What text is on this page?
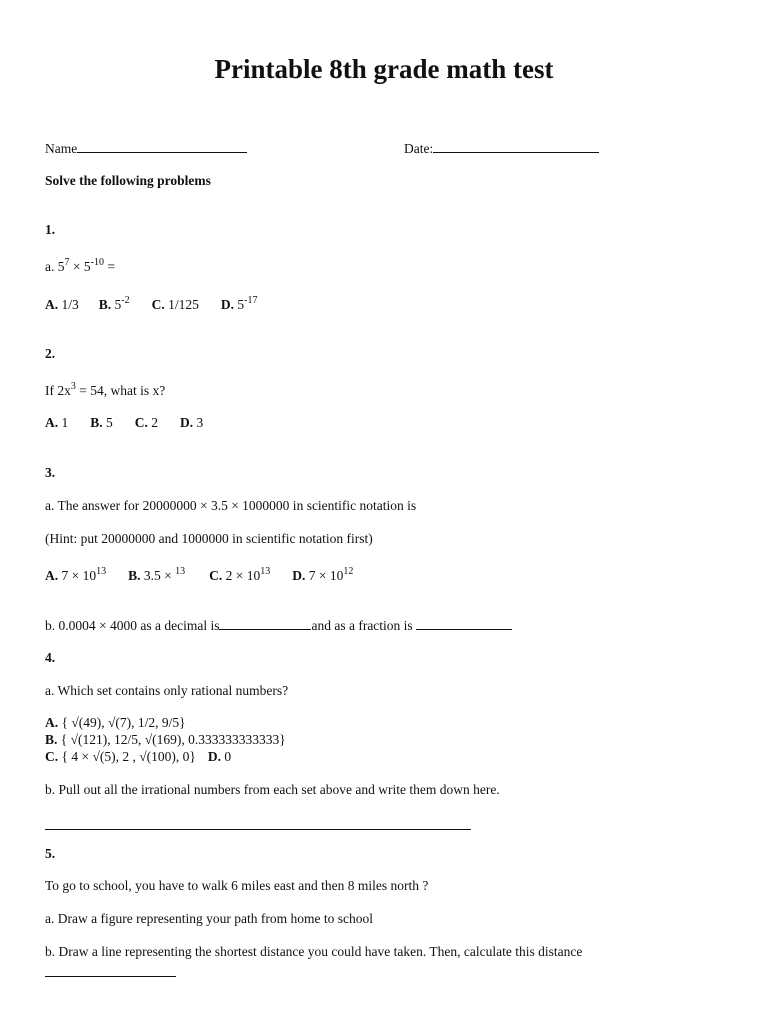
Printable 8th grade math test
Name	Date:
Solve the following problems
1.
a. $5^7 \times 5^{-10}$ =
A. 1/3 B. $5^{-2}$ C. 1/125 D. $5^{-17}$
2.
If $2x^3 = 54$, what is x?
A. 1 B. 5 C. 2 D. 3
3.
a. The answer for 20000000 × 3.5 × 1000000 in scientific notation is
(Hint: put 20000000 and 1000000 in scientific notation first)
A. $7 \times 10^{13}$ B. 3.5 × $^{13}$ C. $2 \times 10^{13}$ D. $7 \times 10^{12}$
b. 0.0004 × 4000 as a decimal is	and as a fraction is
4.
a. Which set contains only rational numbers?
A. { √(49), √(7), 1/2, 9/5}
B. { √(121), 12/5, √(169), 0.333333333333}
C. { 4 × √(5), 2 , √(100), 0} D. 0
b. Pull out all the irrational numbers from each set above and write them down here.
5.
To go to school, you have to walk 6 miles east and then 8 miles north ?
a. Draw a figure representing your path from home to school
b. Draw a line representing the shortest distance you could have taken. Then, calculate this distance
